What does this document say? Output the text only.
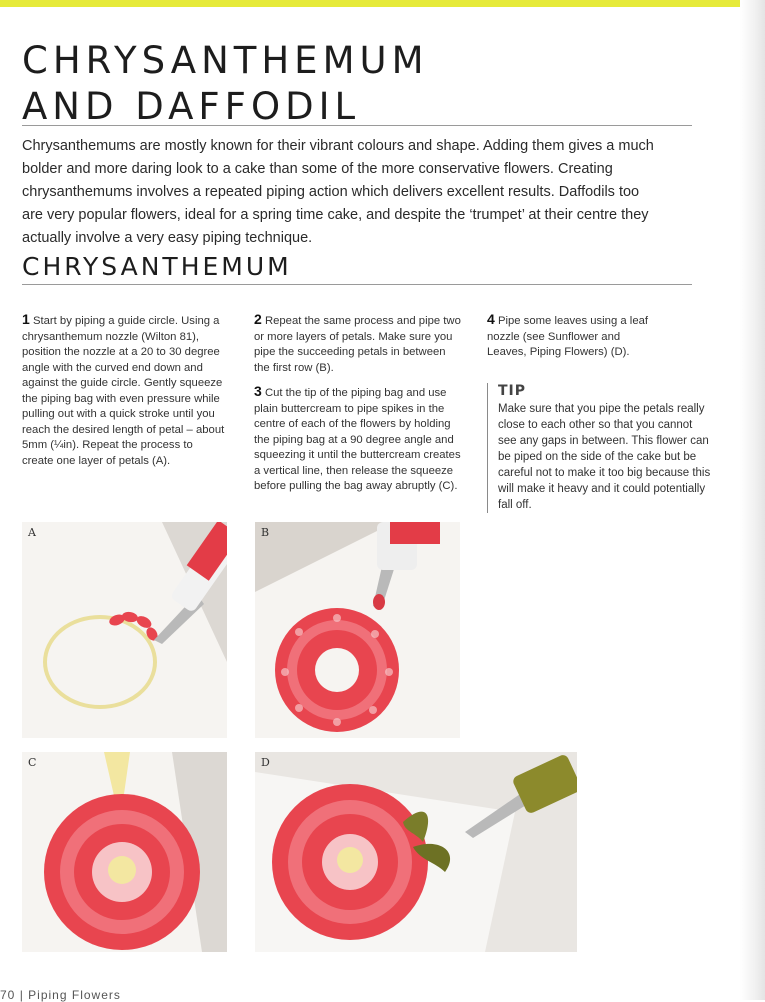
CHRYSANTHEMUM
AND DAFFODIL

Chrysanthemums are mostly known for their vibrant colours and shape. Adding them gives a much bolder and more daring look to a cake than some of the more conservative flowers. Creating chrysanthemums involves a repeated piping action which delivers excellent results. Daffodils too are very popular flowers, ideal for a spring time cake, and despite the ‘trumpet’ at their centre they actually involve a very easy piping technique.

CHRYSANTHEMUM

1 Start by piping a guide circle. Using a chrysanthemum nozzle (Wilton 81), position the nozzle at a 20 to 30 degree angle with the curved end down and against the guide circle. Gently squeeze the piping bag with even pressure while pulling out with a quick stroke until you reach the desired length of petal – about 5mm (¼in). Repeat the process to create one layer of petals (A).

2 Repeat the same process and pipe two or more layers of petals. Make sure you pipe the succeeding petals in between the first row (B).

3 Cut the tip of the piping bag and use plain buttercream to pipe spikes in the centre of each of the flowers by holding the piping bag at a 90 degree angle and squeezing it until the buttercream creates a vertical line, then release the squeeze before pulling the bag away abruptly (C).

4 Pipe some leaves using a leaf nozzle (see Sunflower and Leaves, Piping Flowers) (D).

TIP
Make sure that you pipe the petals really close to each other so that you cannot see any gaps in between. This flower can be piped on the side of the cake but be careful not to make it too big because this will make it heavy and it could potentially fall off.
A	B
C	D
70 | Piping Flowers
